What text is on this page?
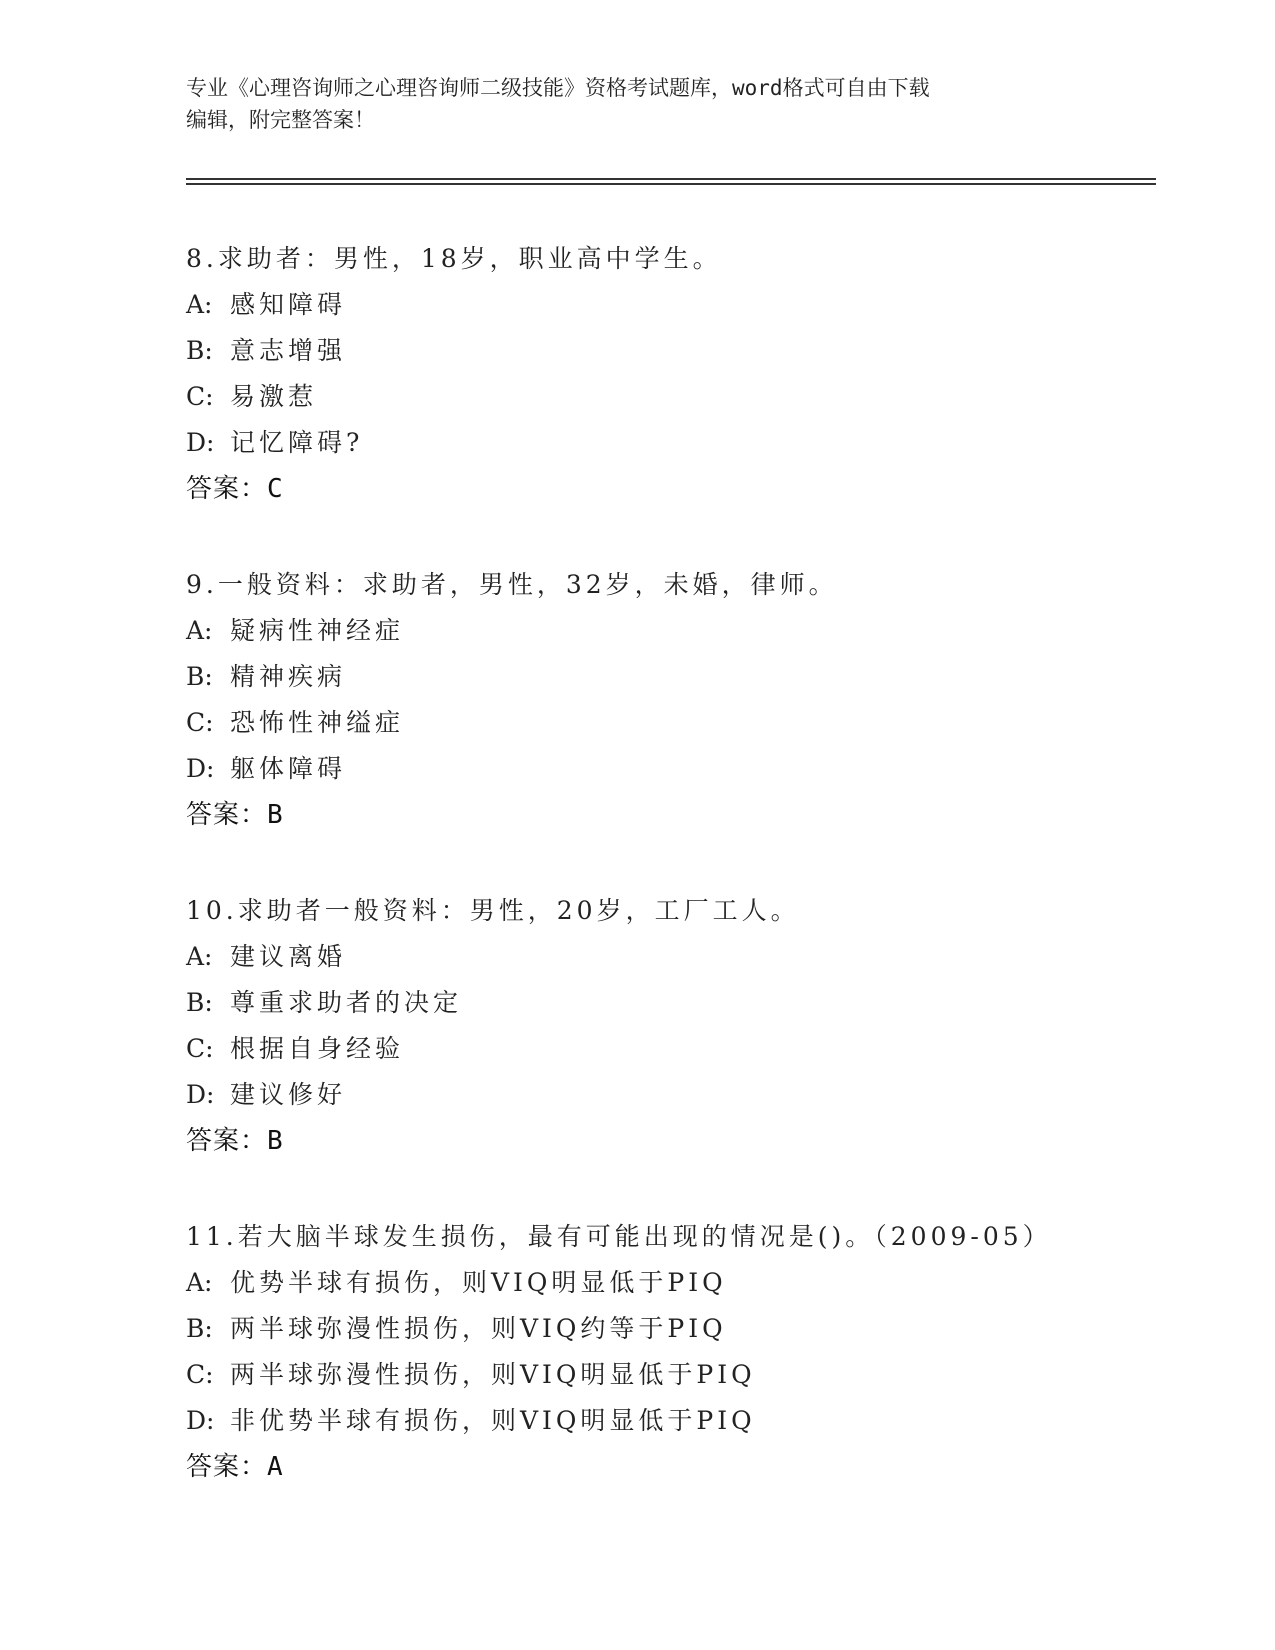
专业《心理咨询师之心理咨询师二级技能》资格考试题库，word格式可自由下载
编辑，附完整答案！
8.求助者：男性，18岁，职业高中学生。
A: 感知障碍
B: 意志增强
C: 易激惹
D: 记忆障碍?
答案：C
9.一般资料：求助者，男性，32岁，未婚，律师。
A: 疑病性神经症
B: 精神疾病
C: 恐怖性神缢症
D: 躯体障碍
答案：B
10.求助者一般资料：男性，20岁，工厂工人。
A: 建议离婚
B: 尊重求助者的决定
C: 根据自身经验
D: 建议修好
答案：B
11.若大脑半球发生损伤，最有可能出现的情况是()。（2009-05）
A: 优势半球有损伤，则VIQ明显低于PIQ
B: 两半球弥漫性损伤，则VIQ约等于PIQ
C: 两半球弥漫性损伤，则VIQ明显低于PIQ
D: 非优势半球有损伤，则VIQ明显低于PIQ
答案：A
